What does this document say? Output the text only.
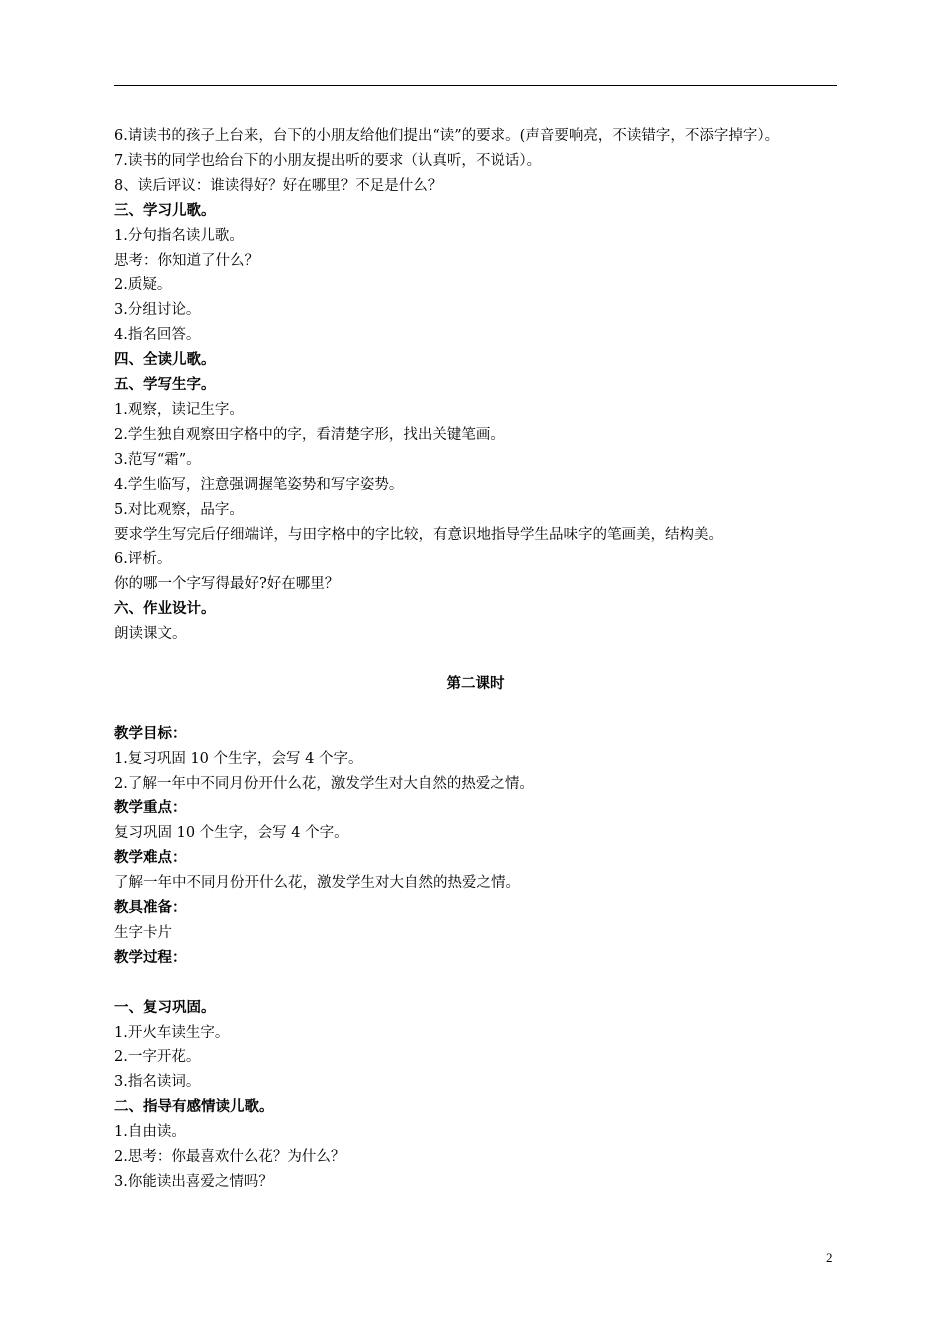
6.请读书的孩子上台来，台下的小朋友给他们提出“读”的要求。(声音要响亮，不读错字，不添字掉字）。
7.读书的同学也给台下的小朋友提出听的要求（认真听，不说话）。
8、读后评议：谁读得好？好在哪里？不足是什么？
三、学习儿歌。
1.分句指名读儿歌。
思考：你知道了什么？
2.质疑。
3.分组讨论。
4.指名回答。
四、全读儿歌。
五、学写生字。
1.观察，读记生字。
2.学生独自观察田字格中的字，看清楚字形，找出关键笔画。
3.范写“霜”。
4.学生临写，注意强调握笔姿势和写字姿势。
5.对比观察，品字。
要求学生写完后仔细端详，与田字格中的字比较，有意识地指导学生品味字的笔画美，结构美。
6.评析。
你的哪一个字写得最好?好在哪里？
六、作业设计。
朗读课文。
第二课时
教学目标：
1.复习巩固 10 个生字，会写 4 个字。
2.了解一年中不同月份开什么花，激发学生对大自然的热爱之情。
教学重点：
复习巩固 10 个生字，会写 4 个字。
教学难点：
了解一年中不同月份开什么花，激发学生对大自然的热爱之情。
教具准备：
生字卡片
教学过程：
一、复习巩固。
1.开火车读生字。
2.一字开花。
3.指名读词。
二、指导有感情读儿歌。
1.自由读。
2.思考：你最喜欢什么花？为什么？
3.你能读出喜爱之情吗？
2
